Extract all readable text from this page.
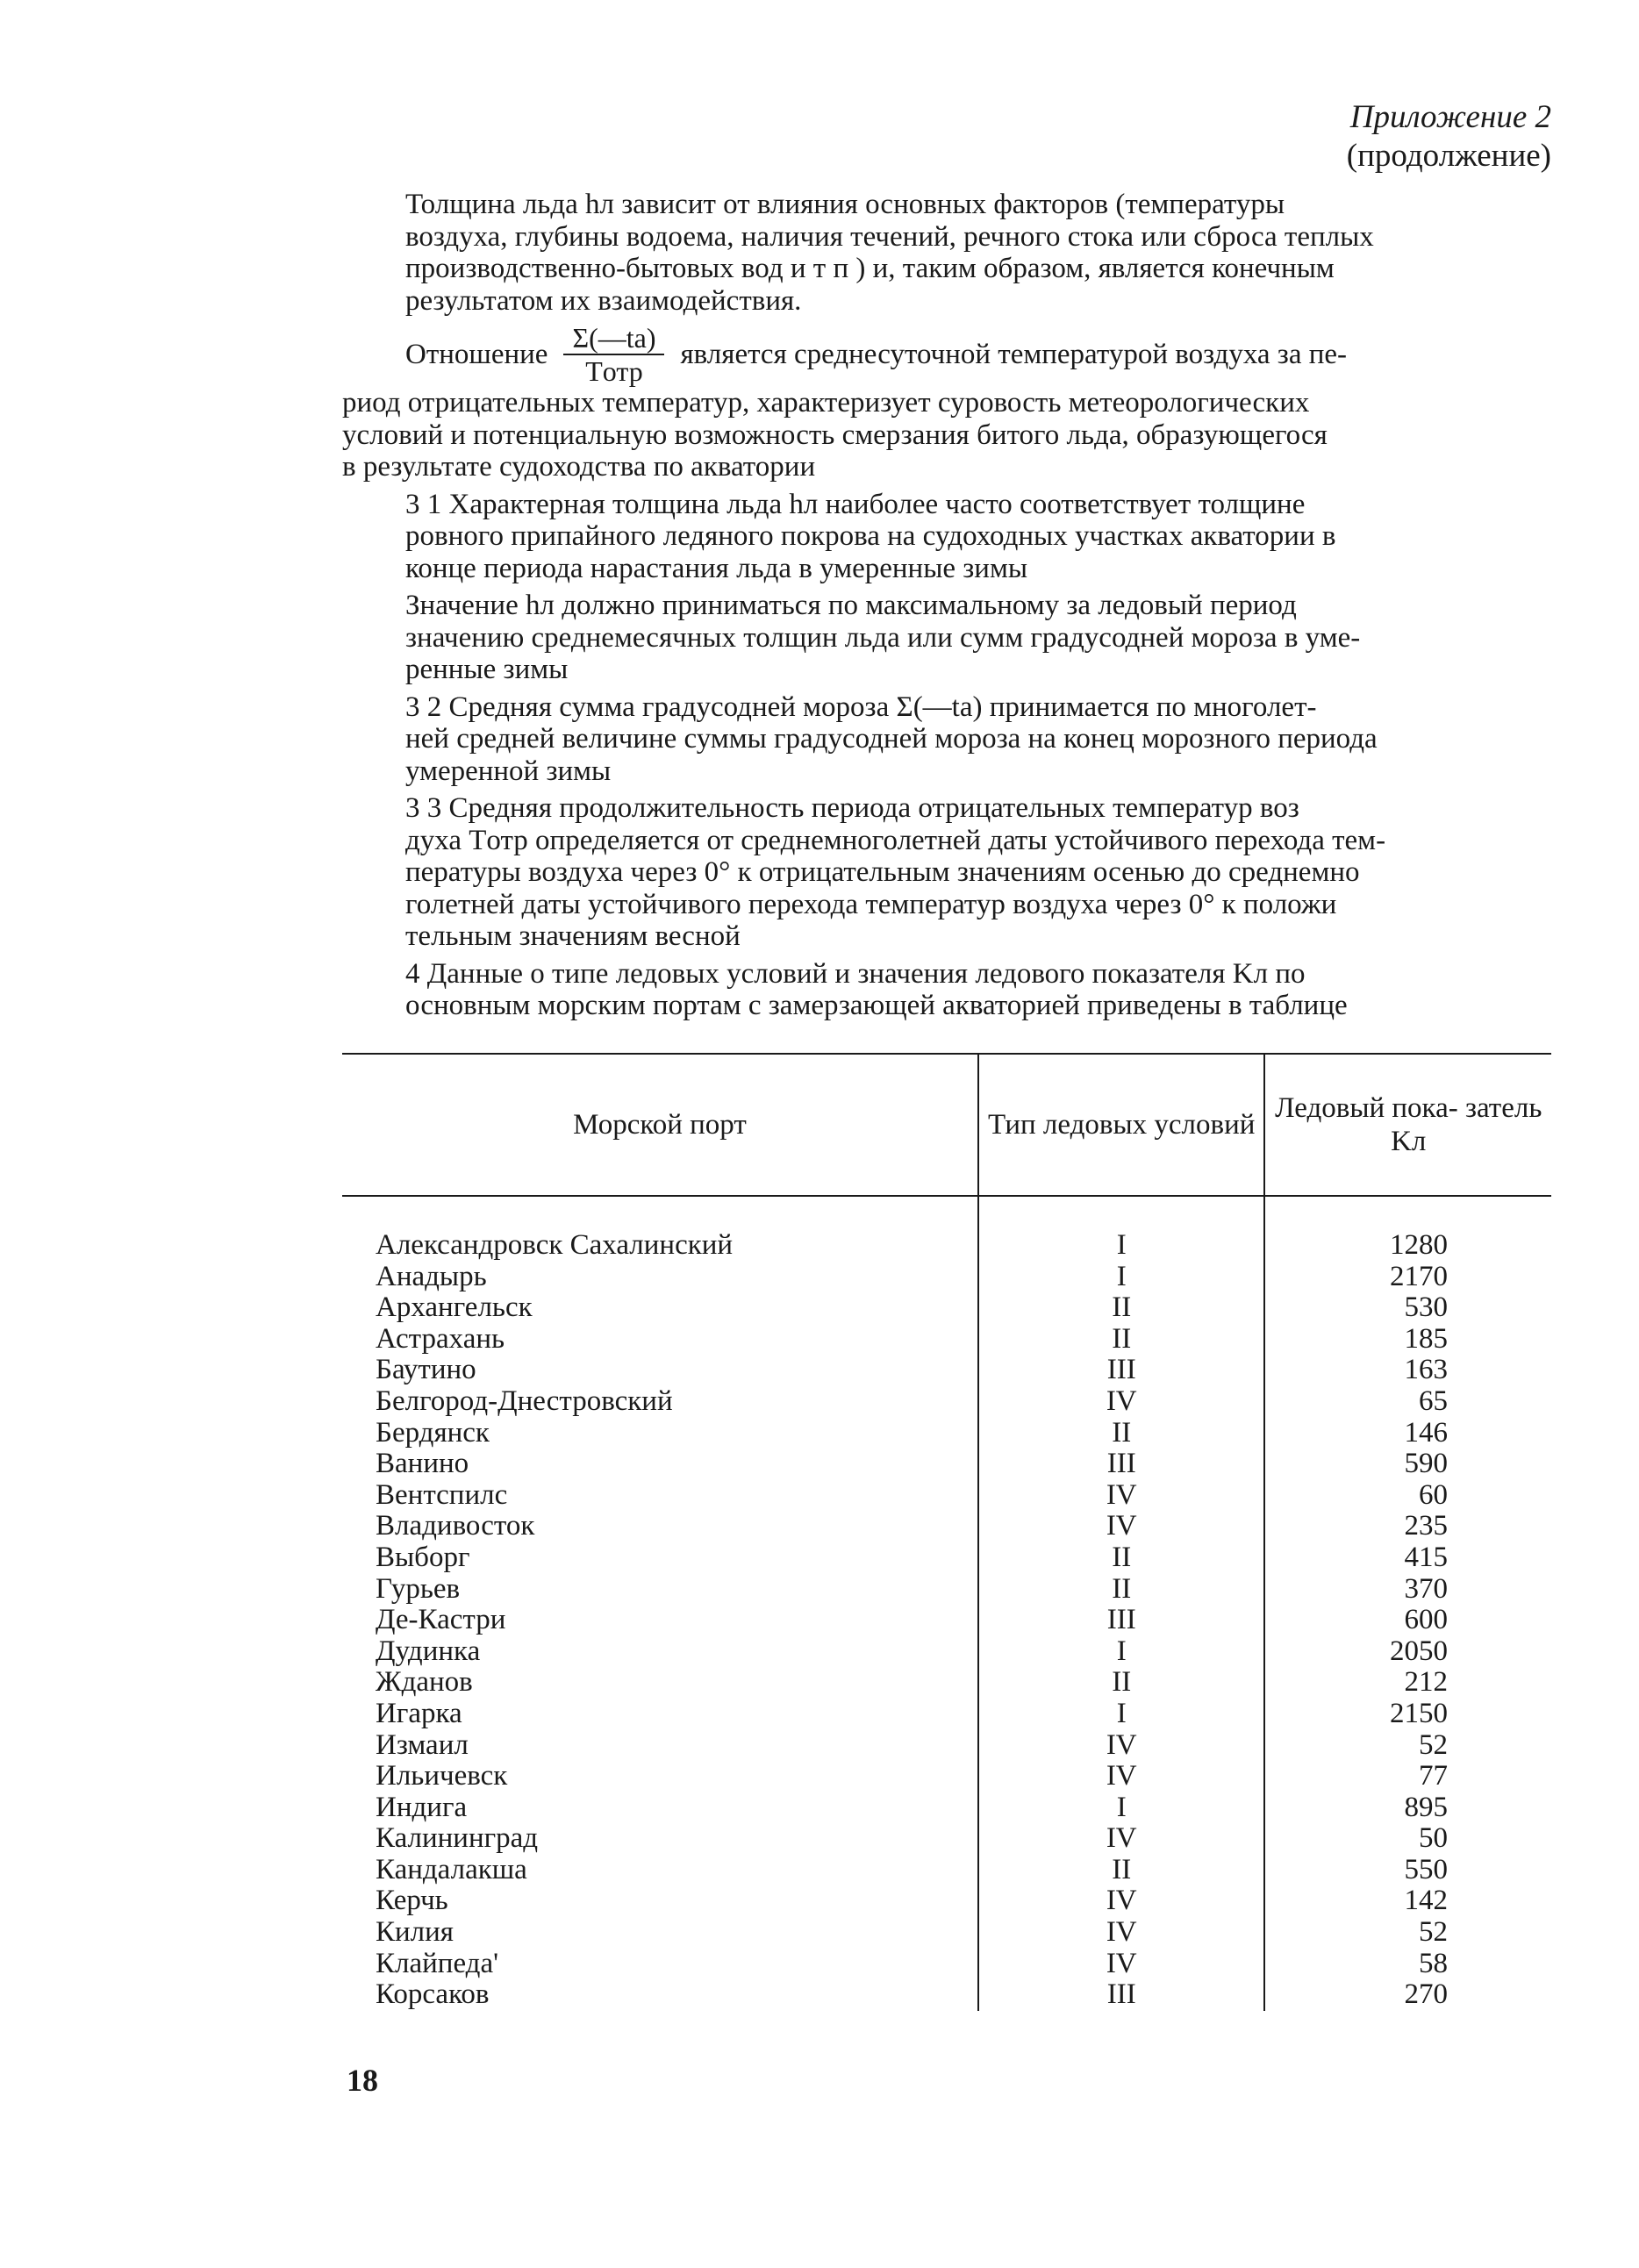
Приложение 2
(продолжение)
Толщина льда hл зависит от влияния основных факторов (температуры
воздуха, глубины водоема, наличия течений, речного стока или сброса теплых
производственно-бытовых вод и т п ) и, таким образом, является конечным
результатом их взаимодействия.
Отношение $\frac{\Sigma(—ta)}{\text{Tотр}}$ является среднесуточной температурой воздуха за пе-
риод отрицательных температур, характеризует суровость метеорологических
условий и потенциальную возможность смерзания битого льда, образующегося
в результате судоходства по акватории
3 1 Характерная толщина льда hл наиболее часто соответствует толщине
ровного припайного ледяного покрова на судоходных участках акватории в
конце периода нарастания льда в умеренные зимы
Значение hл должно приниматься по максимальному за ледовый период
значению среднемесячных толщин льда или сумм градусодней мороза в уме-
ренные зимы
3 2 Средняя сумма градусодней мороза Σ(—ta) принимается по многолет-
ней средней величине суммы градусодней мороза на конец морозного периода
умеренной зимы
3 3 Средняя продолжительность периода отрицательных температур воз
духа Tотр определяется от среднемноголетней даты устойчивого перехода тем-
пературы воздуха через 0° к отрицательным значениям осенью до среднемно
голетней даты устойчивого перехода температур воздуха через 0° к положи
тельным значениям весной
4 Данные о типе ледовых условий и значения ледового показателя Kл по
основным морским портам с замерзающей акваторией приведены в таблице
Морской порт	Тип ледовых условий
Ледовый пока- затель Kл
Александровск Сахалинский
Анадырь
Архангельск
Астрахань
Баутино
Белгород-Днестровский
Бердянск
Ванино
Вентспилс
Владивосток
Выборг
Гурьев
Де-Кастри
Дудинка
Жданов
Игарка
Измаил
Ильичевск
Индига
Калининград
Кандалакша
Керчь
Килия
Клайпеда'
Корсаков
I
I
II
II
III
IV
II
III
IV
IV
II
II
III
I
II
I
IV
IV
I
IV
II
IV
IV
IV
III
1280
2170
530
185
163
65
146
590
60
235
415
370
600
2050
212
2150
52
77
895
50
550
142
52
58
270
18
